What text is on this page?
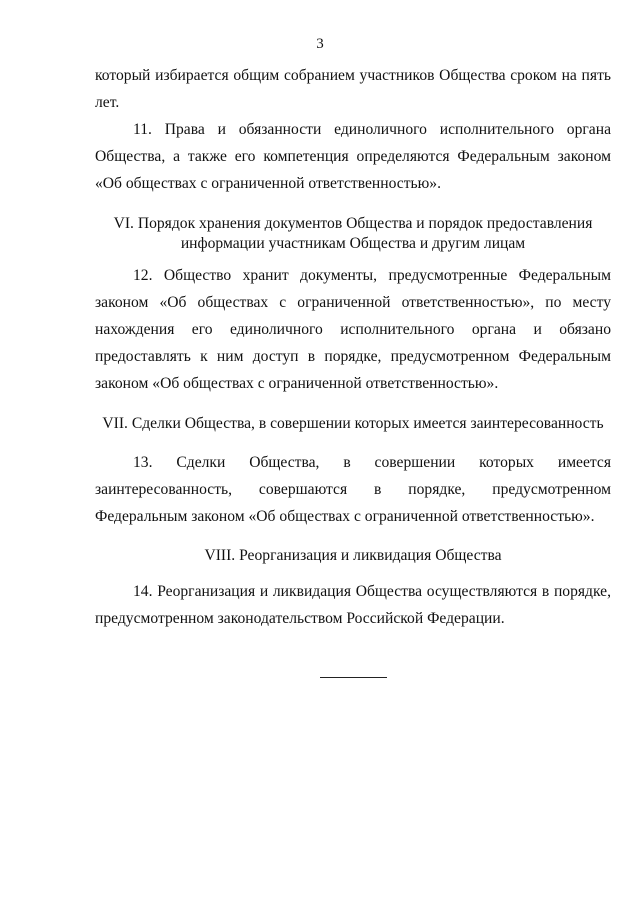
3

который избирается общим собранием участников Общества сроком на пять лет.

11. Права и обязанности единоличного исполнительного органа Общества, а также его компетенция определяются Федеральным законом «Об обществах с ограниченной ответственностью».

VI. Порядок хранения документов Общества и порядок предоставления
информации участникам Общества и другим лицам

12. Общество хранит документы, предусмотренные Федеральным законом «Об обществах с ограниченной ответственностью», по месту нахождения его единоличного исполнительного органа и обязано предоставлять к ним доступ в порядке, предусмотренном Федеральным законом «Об обществах с ограниченной ответственностью».

VII. Сделки Общества, в совершении которых имеется заинтересованность

13. Сделки Общества, в совершении которых имеется заинтересованность, совершаются в порядке, предусмотренном Федеральным законом «Об обществах с ограниченной ответственностью».

VIII. Реорганизация и ликвидация Общества

14. Реорганизация и ликвидация Общества осуществляются в порядке, предусмотренном законодательством Российской Федерации.
